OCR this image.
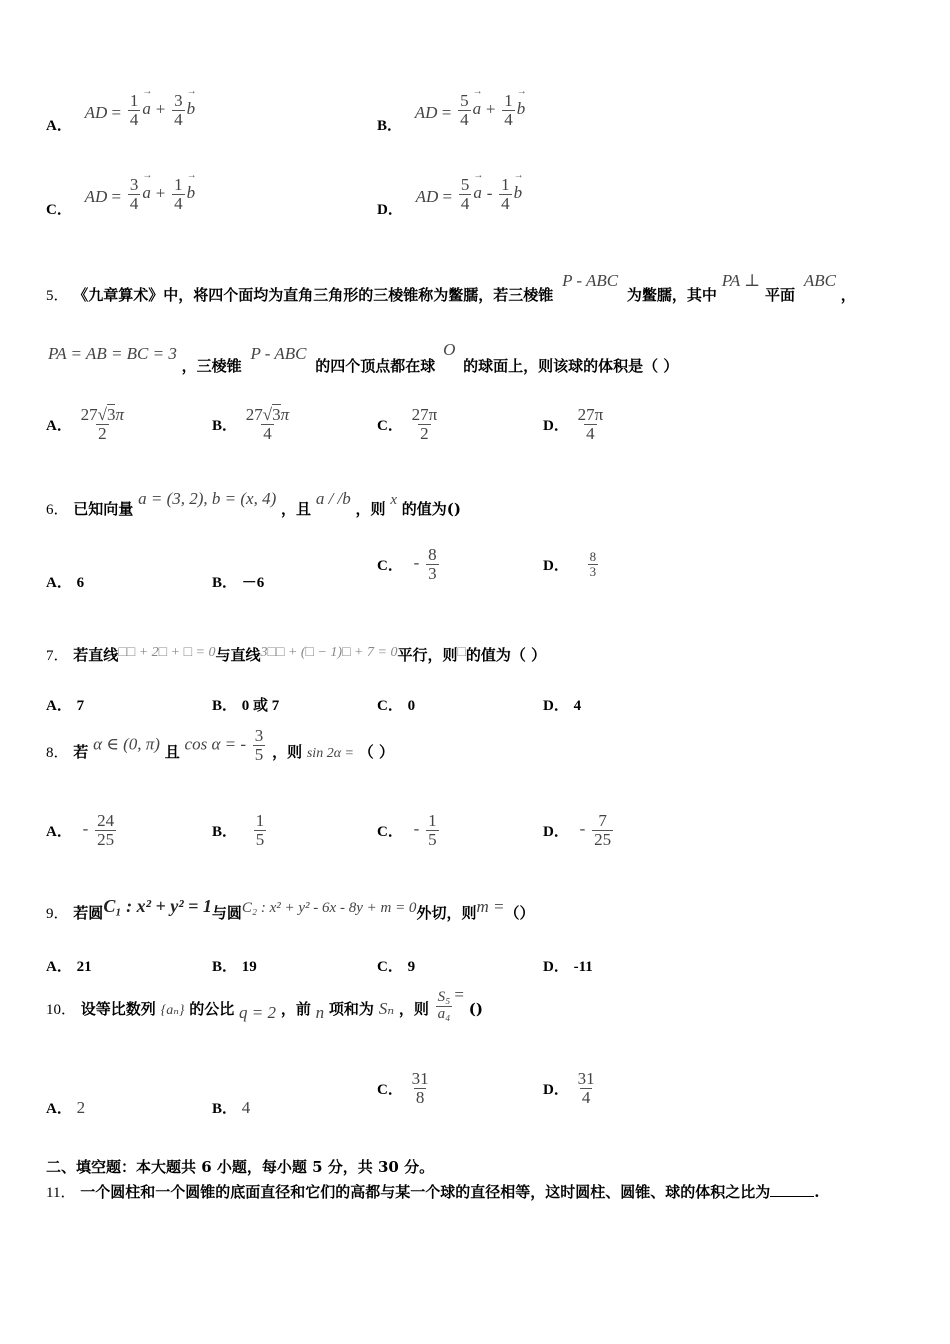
A． AD = $\frac{1}{4}$
→ $a + \frac{3}{4}$
→ b
B． AD = $\frac{5}{4}$
→ $a + \frac{1}{4}$
→ b
C． AD = $\frac{3}{4}$
→ $a + \frac{1}{4}$
→ b
D． AD = $\frac{5}{4}$
→ a - $\frac{1}{4}$
→ b
5． 《九章算术》中，将四个面均为直角三角形的三棱锥称为鳖臑，若三棱锥 P - ABC 为鳖臑，其中 PA ⊥ 平面 ABC ，
PA = AB = BC = 3 ，三棱锥 P - ABC 的四个顶点都在球 O 的球面上，则该球的体积是（ ）
A． $\frac{27√3\pi}{2}$	B． $\frac{27√3\pi}{4}$	C． $\frac{27\pi}{2}$	D． $\frac{27\pi}{4}$
6． 已知向量 a = (3, 2), b = (x, 4) ，且 a / /b ，则 x 的值为()
A． 6	B． －6
C． - $\frac{8}{3}$	D． $\frac{8}{3}$
7． 若直线□□ + 2□ + □ = 0与直线3□□ + (□ − 1)□ + 7 = 0平行，则□的值为（ ）
A． 7	B． 0 或 7	C． 0	D． 4
8． 若 α ∈ (0, π) 且 cos α = - $\frac{3}{5}$ ，则 sin 2α = （ ）
A． - $\frac{24}{25}$	B． $\frac{1}{5}$	C． - $\frac{1}{5}$	D． - $\frac{7}{25}$
9． 若圆C₁ : x² + y² = 1与圆C₂ : x² + y² - 6x - 8y + m = 0外切，则m =（）
A． 21	B． 19	C． 9	D． -11
10． 设等比数列 {aₙ} 的公比 q = 2 ，前 n 项和为 Sₙ ，则 $\frac{\text{S₅}}{\text{a₄}}$ = ()
A． 2	B． 4
C． $\frac{31}{8}$	D． $\frac{31}{4}$
二、填空题：本大题共 6 小题，每小题 5 分，共 30 分。
11． 一个圆柱和一个圆锥的底面直径和它们的高都与某一个球的直径相等，这时圆柱、圆锥、球的体积之比为	.
